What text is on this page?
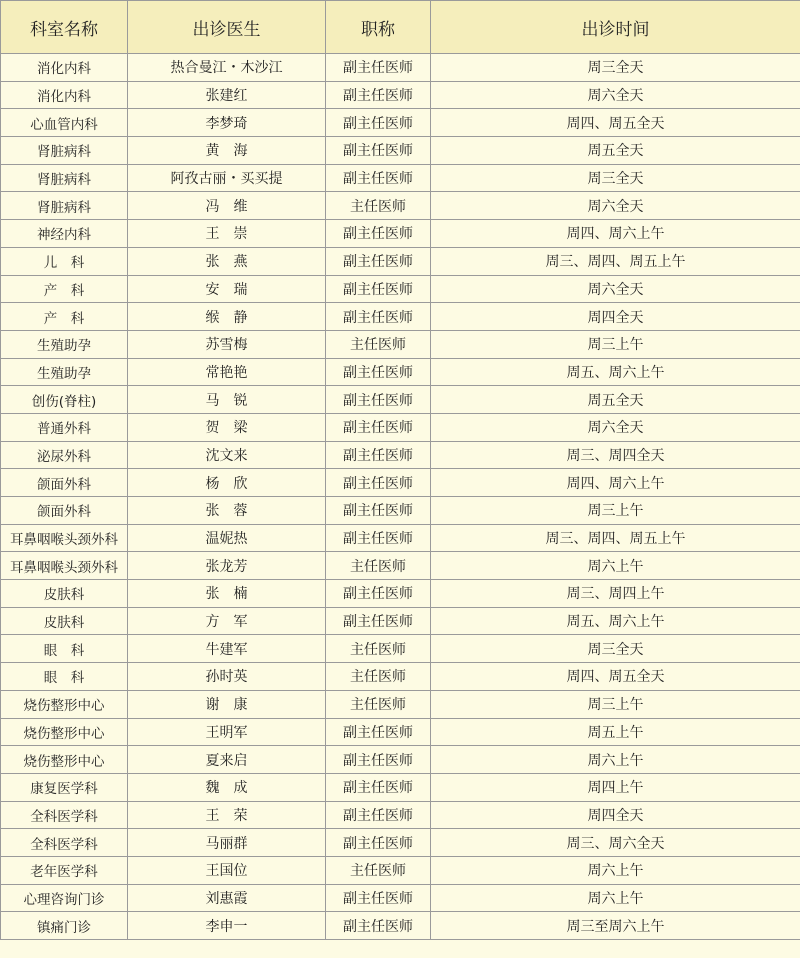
科室名称	出诊医生	职称	出诊时间
消化内科	热合曼江・木沙江	副主任医师	周三全天
消化内科	张建红	副主任医师	周六全天
心血管内科	李梦琦	副主任医师	周四、周五全天
肾脏病科	黄　海	副主任医师	周五全天
肾脏病科	阿孜古丽・买买提	副主任医师	周三全天
肾脏病科	冯　维	主任医师	周六全天
神经内科	王　崇	副主任医师	周四、周六上午
儿　科	张　燕	副主任医师	周三、周四、周五上午
产　科	安　瑞	副主任医师	周六全天
产　科	缑　静	副主任医师	周四全天
生殖助孕	苏雪梅	主任医师	周三上午
生殖助孕	常艳艳	副主任医师	周五、周六上午
创伤(脊柱)	马　锐	副主任医师	周五全天
普通外科	贺　梁	副主任医师	周六全天
泌尿外科	沈文来	副主任医师	周三、周四全天
颌面外科	杨　欣	副主任医师	周四、周六上午
颌面外科	张　蓉	副主任医师	周三上午
耳鼻咽喉头颈外科	温妮热	副主任医师	周三、周四、周五上午
耳鼻咽喉头颈外科	张龙芳	主任医师	周六上午
皮肤科	张　楠	副主任医师	周三、周四上午
皮肤科	方　军	副主任医师	周五、周六上午
眼　科	牛建军	主任医师	周三全天
眼　科	孙时英	主任医师	周四、周五全天
烧伤整形中心	谢　康	主任医师	周三上午
烧伤整形中心	王明军	副主任医师	周五上午
烧伤整形中心	夏来启	副主任医师	周六上午
康复医学科	魏　成	副主任医师	周四上午
全科医学科	王　荣	副主任医师	周四全天
全科医学科	马丽群	副主任医师	周三、周六全天
老年医学科	王国位	主任医师	周六上午
心理咨询门诊	刘惠霞	副主任医师	周六上午
镇痛门诊	李申一	副主任医师	周三至周六上午
